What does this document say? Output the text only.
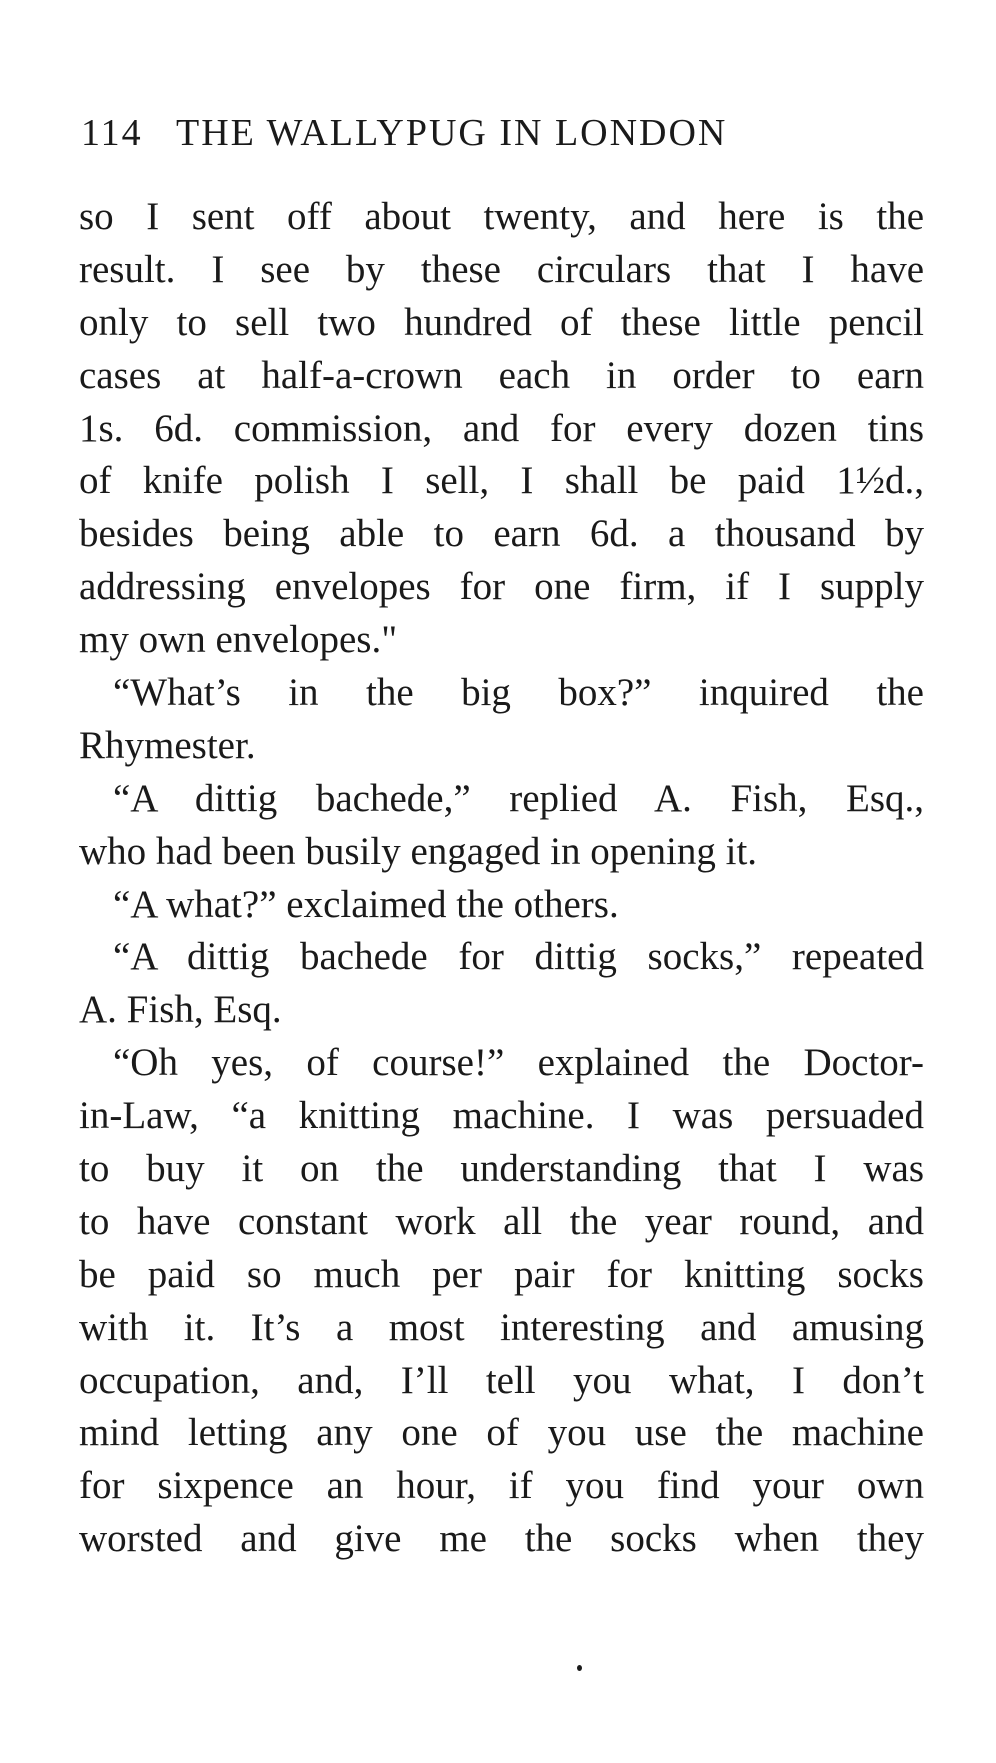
114 THE WALLYPUG IN LONDON
so I sent off about twenty, and here is the
result. I see by these circulars that I have
only to sell two hundred of these little pencil
cases at half-a-crown each in order to earn
1s. 6d. commission, and for every dozen tins
of knife polish I sell, I shall be paid 1½d.,
besides being able to earn 6d. a thousand by
addressing envelopes for one firm, if I supply
my own envelopes."
“What’s in the big box?” inquired the
Rhymester.
“A dittig bachede,” replied A. Fish, Esq.,
who had been busily engaged in opening it.
“A what?” exclaimed the others.
“A dittig bachede for dittig socks,” repeated
A. Fish, Esq.
“Oh yes, of course!” explained the Doctor-
in-Law, “a knitting machine. I was persuaded
to buy it on the understanding that I was
to have constant work all the year round, and
be paid so much per pair for knitting socks
with it. It’s a most interesting and amusing
occupation, and, I’ll tell you what, I don’t
mind letting any one of you use the machine
for sixpence an hour, if you find your own
worsted and give me the socks when they
